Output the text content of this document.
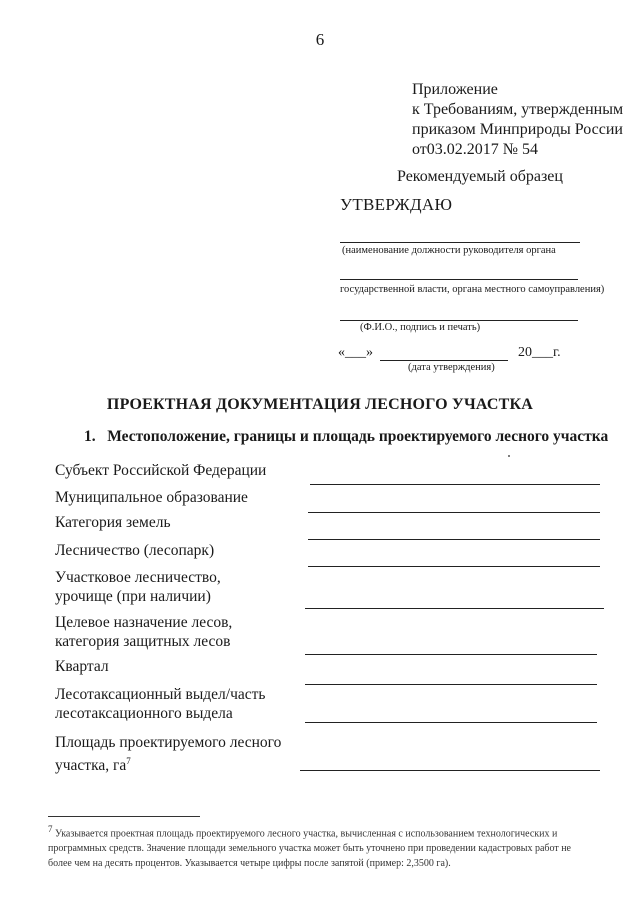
6
Приложение
к Требованиям, утвержденным
приказом Минприроды России
от03.02.2017 № 54
Рекомендуемый образец
УТВЕРЖДАЮ
(наименование должности руководителя органа
государственной власти, органа местного самоуправления)
(Ф.И.О., подпись и печать)
«___»	20___г.
(дата утверждения)
ПРОЕКТНАЯ ДОКУМЕНТАЦИЯ ЛЕСНОГО УЧАСТКА
1. Местоположение, границы и площадь проектируемого лесного участка
Субъект Российской Федерации
Муниципальное образование
Категория земель
Лесничество (лесопарк)
Участковое лесничество,
урочище (при наличии)
Целевое назначение лесов,
категория защитных лесов
Квартал
Лесотаксационный выдел/часть
лесотаксационного выдела
Площадь проектируемого лесного
участка, $га^7$
$^7$ Указывается проектная площадь проектируемого лесного участка, вычисленная с использованием технологических и программных средств. Значение площади земельного участка может быть уточнено при проведении кадастровых работ не более чем на десять процентов. Указывается четыре цифры после запятой (пример: 2,3500 га).
